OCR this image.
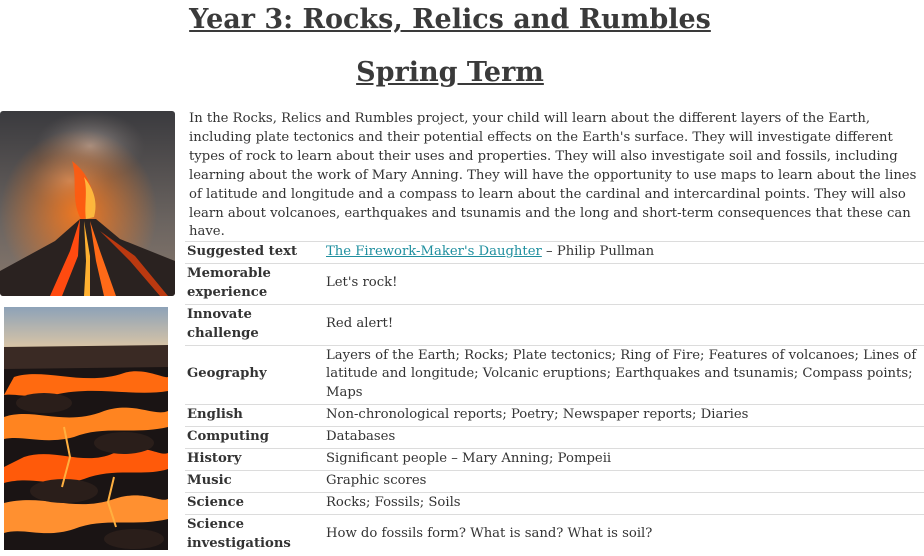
Year 3: Rocks, Relics and Rumbles
Spring Term
In the Rocks, Relics and Rumbles project, your child will learn about the different layers of the Earth, including plate tectonics and their potential effects on the Earth's surface. They will investigate different types of rock to learn about their uses and properties. They will also investigate soil and fossils, including learning about the work of Mary Anning. They will have the opportunity to use maps to learn about the lines of latitude and longitude and a compass to learn about the cardinal and intercardinal points. They will also learn about volcanoes, earthquakes and tsunamis and the long and short-term consequences that these can have.
Suggested text	The Firework-Maker's Daughter – Philip Pullman
Memorable experience	Let's rock!
Innovate challenge	Red alert!
Geography	Layers of the Earth; Rocks; Plate tectonics; Ring of Fire; Features of volcanoes; Lines of latitude and longitude; Volcanic eruptions; Earthquakes and tsunamis; Compass points; Maps
English	Non-chronological reports; Poetry; Newspaper reports; Diaries
Computing	Databases
History	Significant people – Mary Anning; Pompeii
Music	Graphic scores
Science	Rocks; Fossils; Soils
Science investigations	How do fossils form? What is sand? What is soil?
